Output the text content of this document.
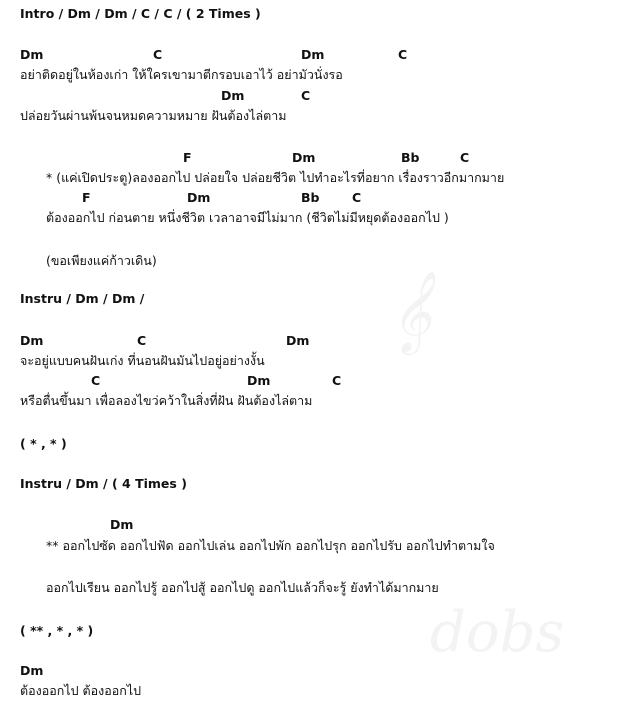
𝄞
dobs
Intro / Dm / Dm / C / C / ( 2 Times )
Dm	C	Dm	C
อย่าติดอยู่ในห้องเก่า ให้ใครเขามาตีกรอบเอาไว้ อย่ามัวนั่งรอ
Dm	C
ปล่อยวันผ่านพ้นจนหมดความหมาย ฝันต้องไล่ตาม
F	Dm	Bb	C
* (แค่เปิดประตู)ลองออกไป ปล่อยใจ ปล่อยชีวิต ไปทำอะไรที่อยาก เรื่องราวอีกมากมาย
F	Dm	Bb	C
ต้องออกไป ก่อนตาย หนึ่งชีวิต เวลาอาจมีไม่มาก (ชีวิตไม่มีหยุดต้องออกไป )
(ขอเพียงแค่ก้าวเดิน)
Instru / Dm / Dm /
Dm	C	Dm
จะอยู่แบบคนฝันเก่ง ที่นอนฝันมันไปอยู่อย่างงั้น
C	Dm	C
หรือตื่นขึ้นมา เพื่อลองไขว่คว้าในสิ่งที่ฝัน ฝันต้องไล่ตาม
( * , * )
Instru / Dm / ( 4 Times )
Dm
** ออกไปซัด ออกไปฟัด ออกไปเล่น ออกไปพัก ออกไปรุก ออกไปรับ ออกไปทำตามใจ
ออกไปเรียน ออกไปรู้ ออกไปสู้ ออกไปดู ออกไปแล้วก็จะรู้ ยังทำได้มากมาย
( ** , * , * )
Dm
ต้องออกไป ต้องออกไป
